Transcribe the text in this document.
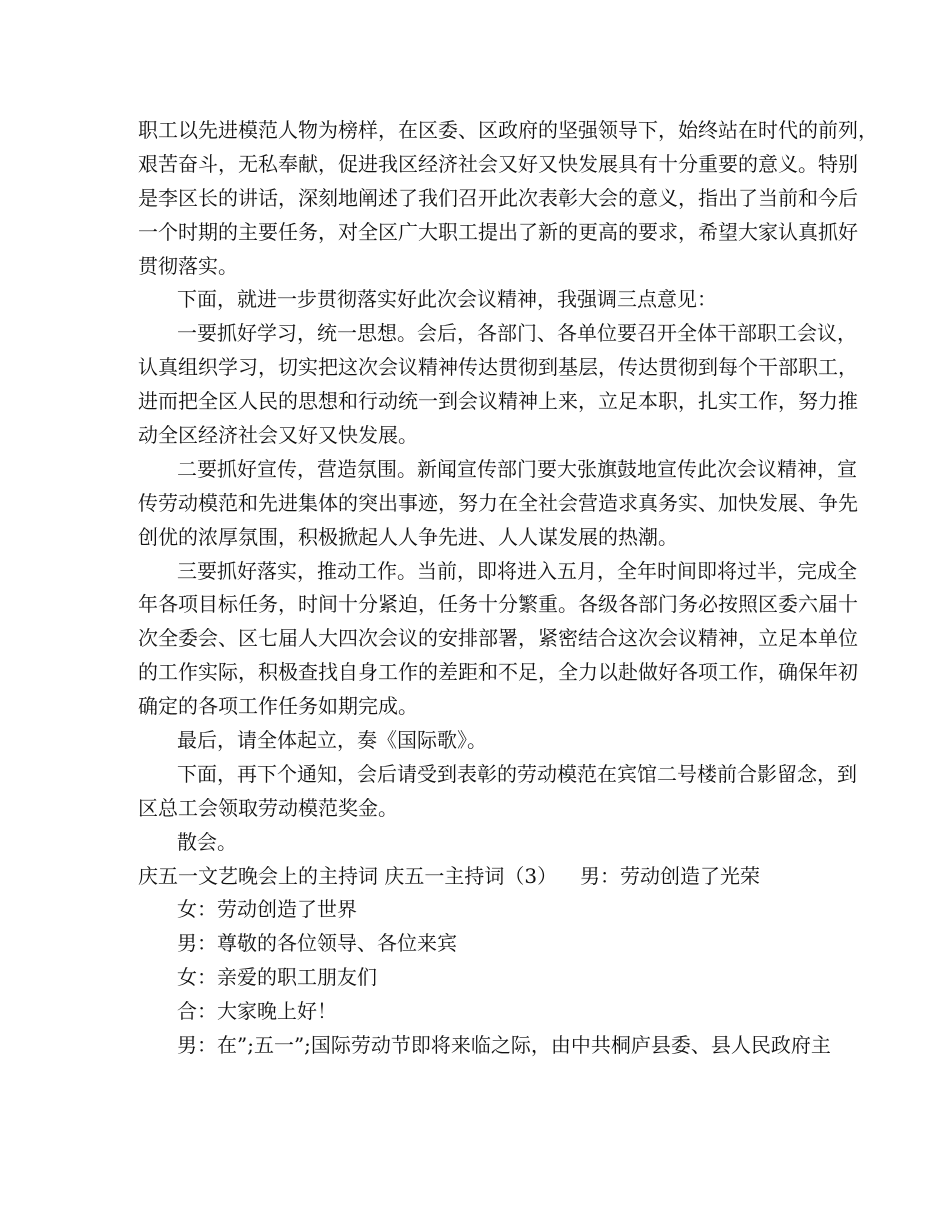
职工以先进模范人物为榜样，在区委、区政府的坚强领导下，始终站在时代的前列，
艰苦奋斗，无私奉献，促进我区经济社会又好又快发展具有十分重要的意义。特别
是李区长的讲话，深刻地阐述了我们召开此次表彰大会的意义，指出了当前和今后
一个时期的主要任务，对全区广大职工提出了新的更高的要求，希望大家认真抓好
贯彻落实。
下面，就进一步贯彻落实好此次会议精神，我强调三点意见：
一要抓好学习，统一思想。会后，各部门、各单位要召开全体干部职工会议，
认真组织学习，切实把这次会议精神传达贯彻到基层，传达贯彻到每个干部职工，
进而把全区人民的思想和行动统一到会议精神上来，立足本职，扎实工作，努力推
动全区经济社会又好又快发展。
二要抓好宣传，营造氛围。新闻宣传部门要大张旗鼓地宣传此次会议精神，宣
传劳动模范和先进集体的突出事迹，努力在全社会营造求真务实、加快发展、争先
创优的浓厚氛围，积极掀起人人争先进、人人谋发展的热潮。
三要抓好落实，推动工作。当前，即将进入五月，全年时间即将过半，完成全
年各项目标任务，时间十分紧迫，任务十分繁重。各级各部门务必按照区委六届十
次全委会、区七届人大四次会议的安排部署，紧密结合这次会议精神，立足本单位
的工作实际，积极查找自身工作的差距和不足，全力以赴做好各项工作，确保年初
确定的各项工作任务如期完成。
最后，请全体起立，奏《国际歌》。
下面，再下个通知，会后请受到表彰的劳动模范在宾馆二号楼前合影留念，到
区总工会领取劳动模范奖金。
散会。
庆五一文艺晚会上的主持词 庆五一主持词（3） 男：劳动创造了光荣
女：劳动创造了世界
男：尊敬的各位领导、各位来宾
女：亲爱的职工朋友们
合：大家晚上好！
男：在”;五一”;国际劳动节即将来临之际，由中共桐庐县委、县人民政府主
